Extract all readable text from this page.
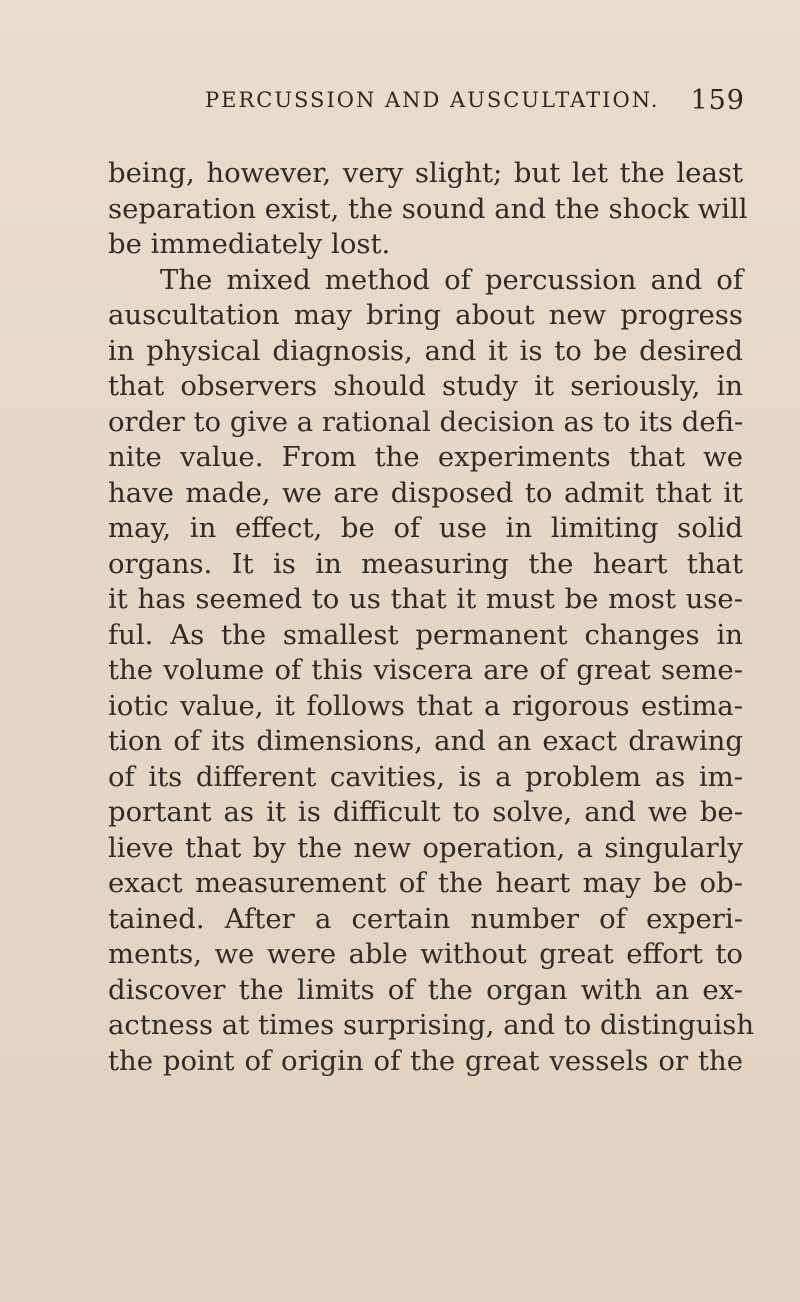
PERCUSSION AND AUSCULTATION. 159
being, however, very slight; but let the least
separation exist, the sound and the shock will
be immediately lost.
The mixed method of percussion and of
auscultation may bring about new progress
in physical diagnosis, and it is to be desired
that observers should study it seriously, in
order to give a rational decision as to its defi-
nite value. From the experiments that we
have made, we are disposed to admit that it
may, in effect, be of use in limiting solid
organs. It is in measuring the heart that
it has seemed to us that it must be most use-
ful. As the smallest permanent changes in
the volume of this viscera are of great seme-
iotic value, it follows that a rigorous estima-
tion of its dimensions, and an exact drawing
of its different cavities, is a problem as im-
portant as it is difficult to solve, and we be-
lieve that by the new operation, a singularly
exact measurement of the heart may be ob-
tained. After a certain number of experi-
ments, we were able without great effort to
discover the limits of the organ with an ex-
actness at times surprising, and to distinguish
the point of origin of the great vessels or the
